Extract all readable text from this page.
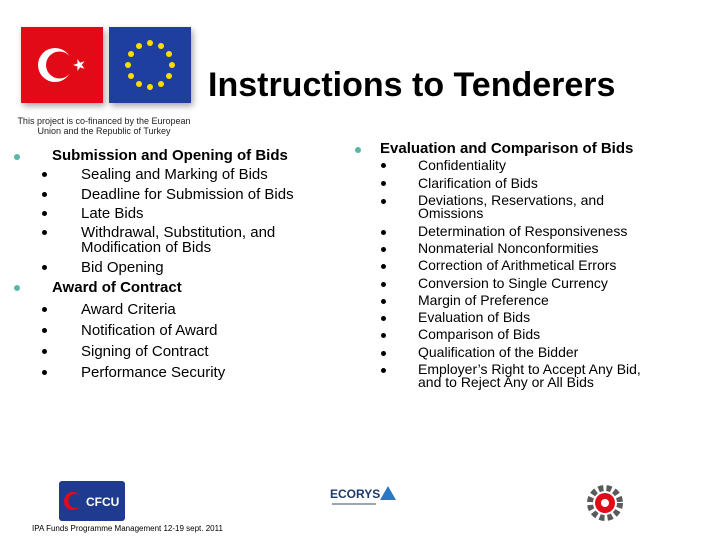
Instructions to Tenderers
This project is co-financed by the European Union and the Republic of Turkey
Submission and Opening of Bids
Sealing and Marking of Bids
Deadline for Submission of Bids
Late Bids
Withdrawal, Substitution, and
Modification of Bids
Bid Opening
Award of Contract
Award Criteria
Notification of Award
Signing of Contract
Performance Security
Evaluation and Comparison of Bids
Confidentiality
Clarification of Bids
Deviations, Reservations, and
Omissions
Determination of Responsiveness
Nonmaterial Nonconformities
Correction of Arithmetical Errors
Conversion to Single Currency
Margin of Preference
Evaluation of Bids
Comparison of Bids
Qualification of the Bidder
Employer’s Right to Accept Any Bid,
and to Reject Any or All Bids
CFCU
ECORYS
IPA Funds Programme Management 12-19 sept. 2011
